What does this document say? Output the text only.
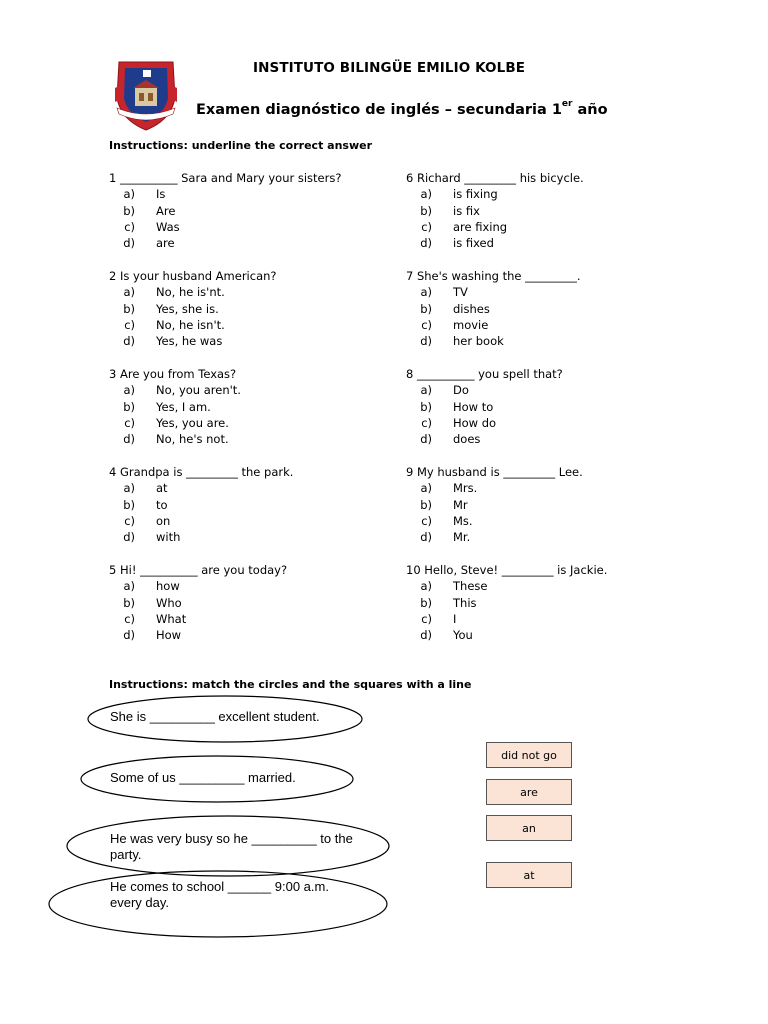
INSTITUTO BILINGÜE EMILIO KOLBE
Examen diagnóstico de inglés – secundaria 1er año
Instructions: underline the correct answer

1 __________ Sara and Mary your sisters?

a)	Is
b)	Are
c)	Was
d)	are

2 Is your husband American?

a)	No, he is'nt.
b)	Yes, she is.
c)	No, he isn't.
d)	Yes, he was

3 Are you from Texas?

a)	No, you aren't.
b)	Yes, I am.
c)	Yes, you are.
d)	No, he's not.

4 Grandpa is _________ the park.

a)	at
b)	to
c)	on
d)	with

5 Hi! __________ are you today?

a)	how
b)	Who
c)	What
d)	How

6 Richard _________ his bicycle.

a)	is fixing
b)	is fix
c)	are fixing
d)	is fixed

7 She's washing the _________.

a)	TV
b)	dishes
c)	movie
d)	her book

8 __________ you spell that?

a)	Do
b)	How to
c)	How do
d)	does

9 My husband is _________ Lee.

a)	Mrs.
b)	Mr
c)	Ms.
d)	Mr.

10 Hello, Steve! _________ is Jackie.

a)	These
b)	This
c)	I
d)	You
Instructions: match the circles and the squares with a line
She is _________ excellent student.
Some of us _________ married.
He was very busy so he _________ to the party.
He comes to school ______ 9:00 a.m. every day.
did not go
are
an
at
